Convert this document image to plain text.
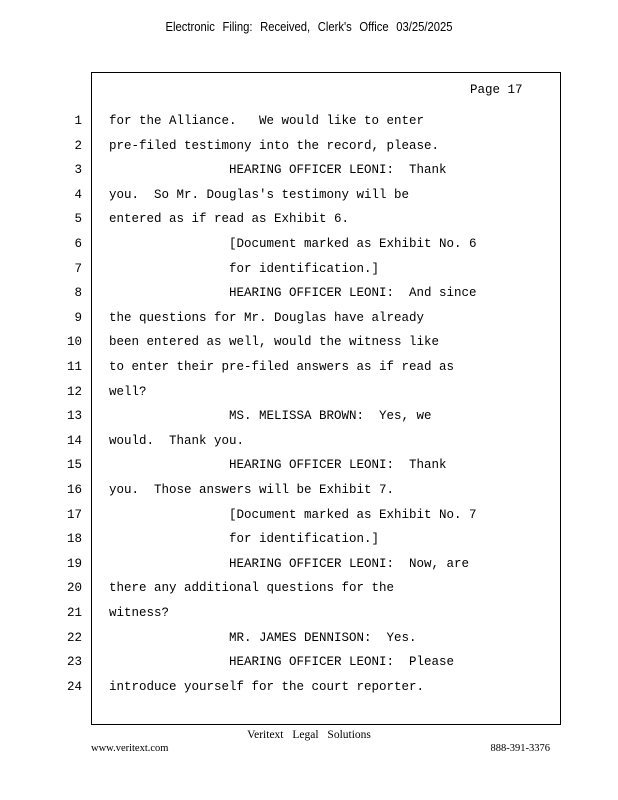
Electronic Filing: Received, Clerk's Office 03/25/2025
Page 17
1 for the Alliance.   We would like to enter
2 pre-filed testimony into the record, please.
3 HEARING OFFICER LEONI:  Thank
4 you.  So Mr. Douglas's testimony will be
5 entered as if read as Exhibit 6.
6 [Document marked as Exhibit No. 6
7 for identification.]
8 HEARING OFFICER LEONI:  And since
9 the questions for Mr. Douglas have already
10 been entered as well, would the witness like
11 to enter their pre-filed answers as if read as
12 well?
13 MS. MELISSA BROWN:  Yes, we
14 would.  Thank you.
15 HEARING OFFICER LEONI:  Thank
16 you.  Those answers will be Exhibit 7.
17 [Document marked as Exhibit No. 7
18 for identification.]
19 HEARING OFFICER LEONI:  Now, are
20 there any additional questions for the
21 witness?
22 MR. JAMES DENNISON:  Yes.
23 HEARING OFFICER LEONI:  Please
24 introduce yourself for the court reporter.
Veritext Legal Solutions
www.veritext.com	888-391-3376
